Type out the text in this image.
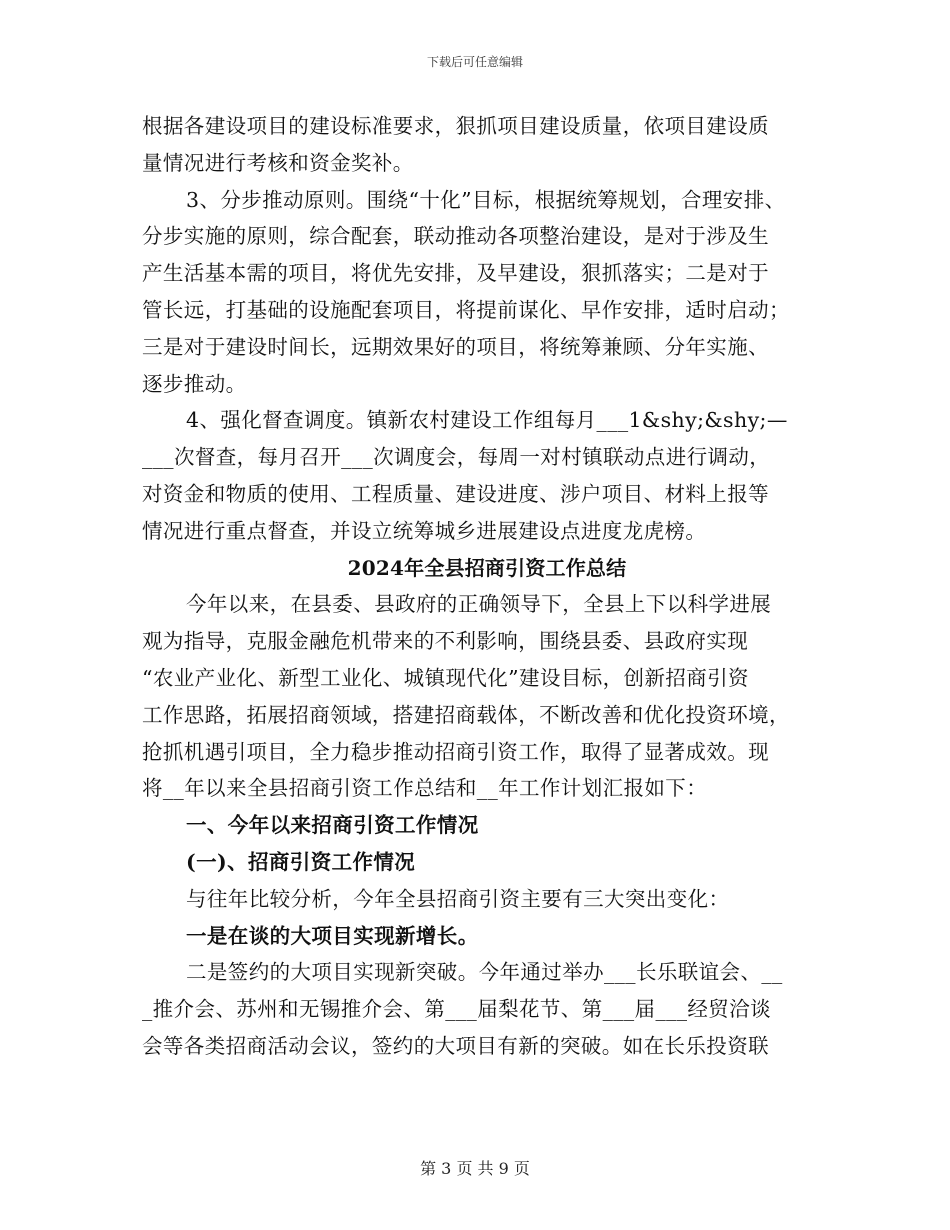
下载后可任意编辑
根据各建设项目的建设标准要求，狠抓项目建设质量，依项目建设质
量情况进行考核和资金奖补。
3、分步推动原则。围绕“十化”目标，根据统筹规划，合理安排、
分步实施的原则，综合配套，联动推动各项整治建设，是对于涉及生
产生活基本需的项目，将优先安排，及早建设，狠抓落实；二是对于
管长远，打基础的设施配套项目，将提前谋化、早作安排，适时启动；
三是对于建设时间长，远期效果好的项目，将统筹兼顾、分年实施、
逐步推动。
4、强化督查调度。镇新农村建设工作组每月___1&shy;&shy;—
___次督查，每月召开___次调度会，每周一对村镇联动点进行调动，
对资金和物质的使用、工程质量、建设进度、涉户项目、材料上报等
情况进行重点督查，并设立统筹城乡进展建设点进度龙虎榜。
2024年全县招商引资工作总结
今年以来，在县委、县政府的正确领导下，全县上下以科学进展
观为指导，克服金融危机带来的不利影响，围绕县委、县政府实现
“农业产业化、新型工业化、城镇现代化”建设目标，创新招商引资
工作思路，拓展招商领域，搭建招商载体，不断改善和优化投资环境，
抢抓机遇引项目，全力稳步推动招商引资工作，取得了显著成效。现
将__年以来全县招商引资工作总结和__年工作计划汇报如下：
一、今年以来招商引资工作情况
(一)、招商引资工作情况
与往年比较分析，今年全县招商引资主要有三大突出变化：
一是在谈的大项目实现新增长。
二是签约的大项目实现新突破。今年通过举办___长乐联谊会、__
_推介会、苏州和无锡推介会、第___届梨花节、第___届___经贸洽谈
会等各类招商活动会议，签约的大项目有新的突破。如在长乐投资联
第 3 页 共 9 页
